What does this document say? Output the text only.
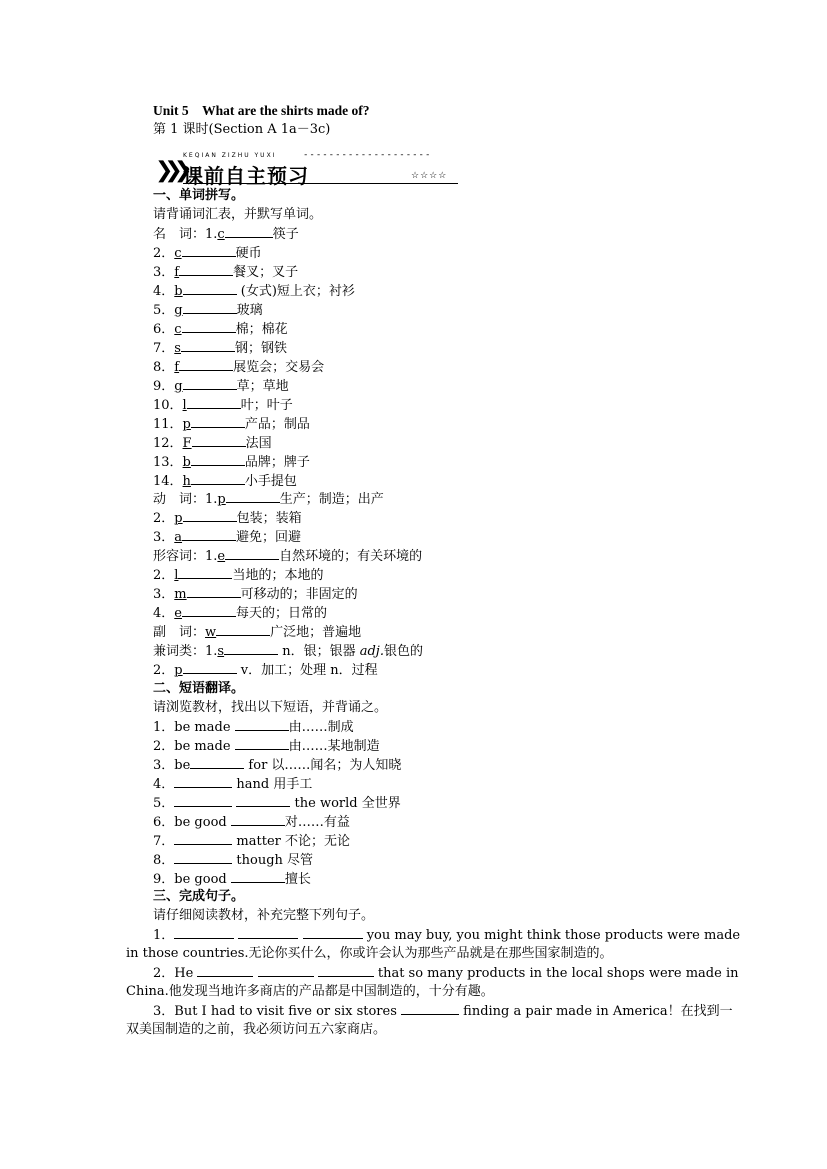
Unit 5　What are the shirts made of?
第 1 课时(Section A 1a－3c)
❯❯❯
KEQIAN ZIZHU YUXI	--------------------
课前自主预习	☆☆☆☆
一、单词拼写。
请背诵词汇表，并默写单词。
名　词：1.c	筷子
2．c	硬币
3．f	餐叉；叉子
4．b	(女式)短上衣；衬衫
5．g	玻璃
6．c	棉；棉花
7．s	钢；钢铁
8．f	展览会；交易会
9．g	草；草地
10．l	叶；叶子
11．p	产品；制品
12．F	法国
13．b	品牌；牌子
14．h	小手提包
动　词：1.p	生产；制造；出产
2．p	包装；装箱
3．a	避免；回避
形容词：1.e	自然环境的；有关环境的
2．l	当地的；本地的
3．m	可移动的；非固定的
4．e	每天的；日常的
副　词：w	广泛地；普遍地
兼词类：1.s	n．银；银器 adj.银色的
2．p	v．加工；处理 n．过程
二、短语翻译。
请浏览教材，找出以下短语，并背诵之。
1．be made	由……制成
2．be made	由……某地制造
3．be	for 以……闻名；为人知晓
4．	hand 用手工
5．	the world 全世界
6．be good	对……有益
7．	matter 不论；无论
8．	though 尽管
9．be good	擅长
三、完成句子。
请仔细阅读教材，补充完整下列句子。
1．	you may buy, you might think those products were made
in those countries.无论你买什么，你或许会认为那些产品就是在那些国家制造的。
2．He	that so many products in the local shops were made in
China.他发现当地许多商店的产品都是中国制造的，十分有趣。
3．But I had to visit five or six stores	finding a pair made in America！在找到一
双美国制造的之前，我必须访问五六家商店。
